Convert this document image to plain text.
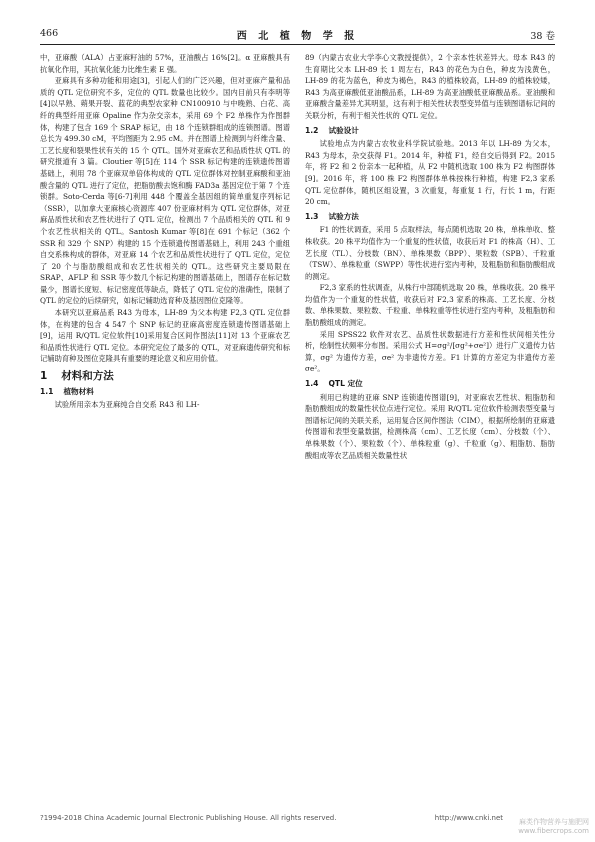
466	西 北 植 物 学 报	38 卷

中，亚麻酸（ALA）占亚麻籽油的 57%，亚油酸占 16%[2]。α 亚麻酸具有抗氧化作用，其抗氧化能力比维生素 E 强。

亚麻具有多种功能和用途[3]，引起人们的广泛兴趣，但对亚麻产量和品质的 QTL 定位研究不多，定位的 QTL 数量也比较少。国内目前只有李明等[4]以早熟、蒴果开裂、蓝花的典型农家种 CN100910 与中晚熟、白花、高纤的典型纤用亚麻 Opaline 作为杂交亲本，采用 69 个 F2 单株作为作图群体，构建了包含 169 个 SRAP 标记，由 18 个连锁群组成的连锁图谱。图谱总长为 499.30 cM，平均图距为 2.95 cM。并在图谱上检测到与纤维含量、工艺长度和裂果性状有关的 15 个 QTL。国外对亚麻农艺和品质性状 QTL 的研究报道有 3 篇。Cloutier 等[5]在 114 个 SSR 标记构建的连锁遗传图谱基础上，利用 78 个亚麻双单倍体构成的 QTL 定位群体对控制亚麻酸和亚油酸含量的 QTL 进行了定位，把脂肪酸去饱和酶 FAD3a 基因定位于第 7 个连锁群。Soto-Cerda 等[6-7]利用 448 个覆盖全基因组的简单重复序列标记（SSR），以加拿大亚麻核心资源库 407 份亚麻材料为 QTL 定位群体，对亚麻品质性状和农艺性状进行了 QTL 定位，检测出 7 个品质相关的 QTL 和 9 个农艺性状相关的 QTL。Santosh Kumar 等[8]在 691 个标记（362 个 SSR 和 329 个 SNP）构建的 15 个连锁遗传图谱基础上，利用 243 个重组自交系株构成的群体，对亚麻 14 个农艺和品质性状进行了 QTL 定位，定位了 20 个与脂肪酸组成和农艺性状相关的 QTL。这些研究主要局限在 SRAP、AFLP 和 SSR 等少数几个标记构建的图谱基础上，图谱存在标记数量少，图谱长度短、标记密度低等缺点，降低了 QTL 定位的准确性，限制了 QTL 的定位的后续研究，如标记辅助选育种及基因图位克隆等。

本研究以亚麻品系 R43 为母本，LH-89 为父本构建 F2,3 QTL 定位群体，在构建的包含 4 547 个 SNP 标记的亚麻高密度连锁遗传图谱基础上[9]，运用 R/QTL 定位软件[10]采用复合区间作图法[11]对 13 个亚麻农艺和品质性状进行 QTL 定位。本研究定位了最多的 QTL，对亚麻遗传研究和标记辅助育种及图位克隆具有重要的理论意义和应用价值。

1 材料和方法
1.1 植物材料

试验所用亲本为亚麻纯合自交系 R43 和 LH-

89（内蒙古农业大学李心文教授提供），2 个亲本性状差异大。母本 R43 的生育期比父本 LH-89 长 1 周左右，R43 的花色为白色，种皮为浅黄色，LH-89 的花为蓝色，种皮为褐色，R43 的植株较高，LH-89 的植株较矮，R43 为高亚麻酸低亚油酸品系，LH-89 为高亚油酸低亚麻酸品系。亚油酸和亚麻酸含量差异尤其明显，这有利于相关性状表型变异值与连锁图谱标记间的关联分析，有利于相关性状的 QTL 定位。

1.2 试验设计

试验地点为内蒙古农牧业科学院试验地。2013 年以 LH-89 为父本，R43 为母本，杂交获得 F1。2014 年，种植 F1，经自交后得到 F2。2015 年，将 F2 和 2 份亲本一起种植，从 F2 中随机选取 100 株为 F2 构图群体[9]。2016 年，将 100 株 F2 构图群体单株按株行种植，构建 F2,3 家系 QTL 定位群体，随机区组设置，3 次重复，每重复 1 行，行长 1 m，行距 20 cm。

1.3 试验方法

F1 的性状调查，采用 5 点取样法，每点随机选取 20 株，单株单收、整株收获。20 株平均值作为一个重复的性状值，收获后对 F1 的株高（H）、工艺长度（TL）、分枝数（BN）、单株果数（BPP）、果粒数（SPB）、千粒重（TSW）、单株粒重（SWPP）等性状进行室内考种，及粗脂肪和脂肪酸组成的测定。

F2,3 家系的性状调查，从株行中部随机选取 20 株，单株收获。20 株平均值作为一个重复的性状值，收获后对 F2,3 家系的株高、工艺长度、分枝数、单株果数、果粒数、千粒重、单株粒重等性状进行室内考种，及粗脂肪和脂肪酸组成的测定。

采用 SPSS22 软件对农艺、品质性状数据进行方差和性状间相关性分析，绘制性状频率分布图。采用公式 H=σg²/[σg²+σe²]）进行广义遗传力估算，σg² 为遗传方差，σe² 为非遗传方差。F1 计算的方差定为非遗传方差 σe²。

1.4 QTL 定位

利用已构建的亚麻 SNP 连锁遗传图谱[9]，对亚麻农艺性状、粗脂肪和脂肪酸组成的数量性状位点进行定位。采用 R/QTL 定位软件检测表型变量与图谱标记间的关联关系，运用复合区间作图法（CIM），根据所绘制的亚麻遗传图谱和表型变量数据，检测株高（cm）、工艺长度（cm）、分枝数（个）、单株果数（个）、果粒数（个）、单株粒重（g）、千粒重（g）、粗脂肪、脂肪酸组成等农艺品质相关数量性状

?1994-2018 China Academic Journal Electronic Publishing House. All rights reserved.	http://www.cnki.net 麻类作物营养与施肥网
www.fibercrops.com
